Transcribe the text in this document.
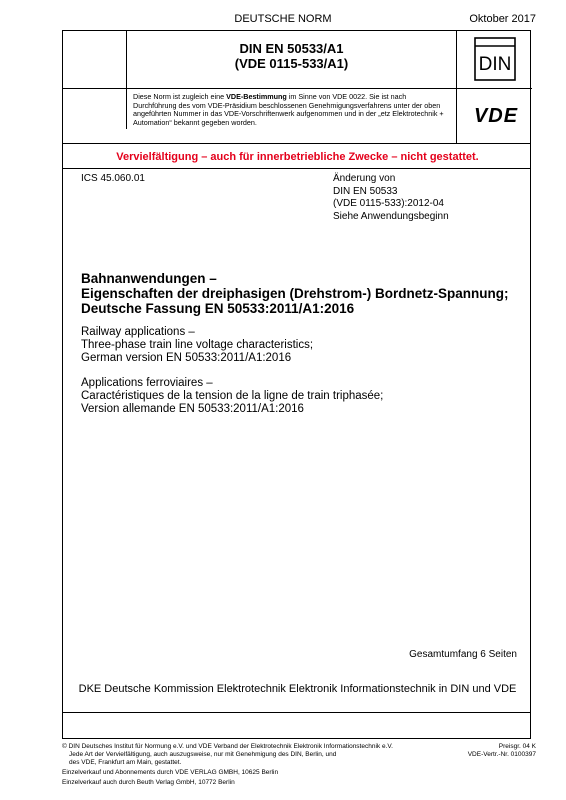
DEUTSCHE NORM	Oktober 2017
DIN EN 50533/A1
(VDE 0115-533/A1)	DIN
Diese Norm ist zugleich eine VDE-Bestimmung im Sinne von VDE 0022. Sie ist nach Durchführung des vom VDE-Präsidium beschlossenen Genehmigungsverfahrens unter der oben angeführten Nummer in das VDE-Vorschriftenwerk aufgenommen und in der „etz Elektrotechnik + Automation“ bekannt gegeben worden.	VDE
Vervielfältigung – auch für innerbetriebliche Zwecke – nicht gestattet.
ICS 45.060.01	Änderung von
DIN EN 50533
(VDE 0115-533):2012-04
Siehe Anwendungsbeginn
Bahnanwendungen –
Eigenschaften der dreiphasigen (Drehstrom-) Bordnetz-Spannung;
Deutsche Fassung EN 50533:2011/A1:2016
Railway applications –
Three-phase train line voltage characteristics;
German version EN 50533:2011/A1:2016
Applications ferroviaires –
Caractéristiques de la tension de la ligne de train triphasée;
Version allemande EN 50533:2011/A1:2016
Gesamtumfang 6 Seiten
DKE Deutsche Kommission Elektrotechnik Elektronik Informationstechnik in DIN und VDE
© DIN Deutsches Institut für Normung e.V. und VDE Verband der Elektrotechnik Elektronik Informationstechnik e.V.
Jede Art der Vervielfältigung, auch auszugsweise, nur mit Genehmigung des DIN, Berlin, und
des VDE, Frankfurt am Main, gestattet.
Preisgr. 04 K
VDE-Vertr.-Nr. 0100397
Einzelverkauf und Abonnements durch VDE VERLAG GMBH, 10625 Berlin
Einzelverkauf auch durch Beuth Verlag GmbH, 10772 Berlin
